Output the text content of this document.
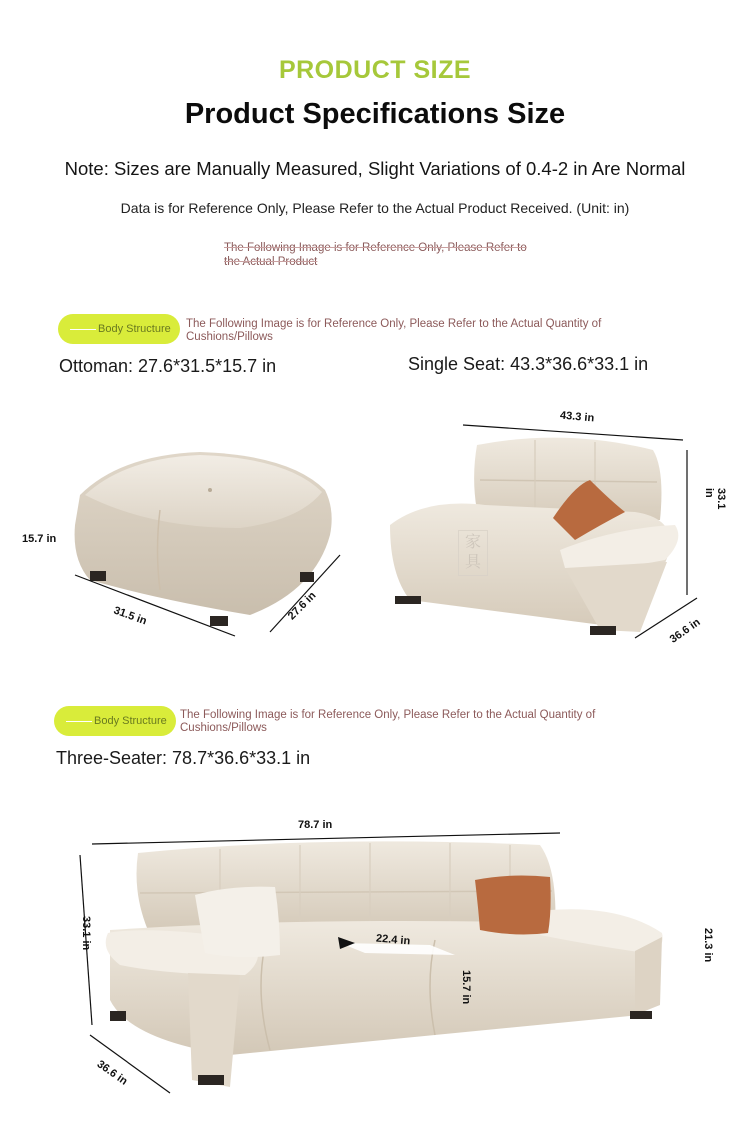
PRODUCT SIZE
Product Specifications Size
Note: Sizes are Manually Measured, Slight Variations of 0.4-2 in Are Normal
Data is for Reference Only, Please Refer to the Actual Product Received. (Unit: in)
The Following Image is for Reference Only, Please Refer to the Actual Product
Body Structure The Following Image is for Reference Only, Please Refer to the Actual Quantity of Cushions/Pillows
Ottoman: 27.6*31.5*15.7 in	Single Seat: 43.3*36.6*33.1 in
15.7 in
31.5 in	27.6 in
43.3 in
33.1 in
36.6 in
家具
Body Structure The Following Image is for Reference Only, Please Refer to the Actual Quantity of Cushions/Pillows
Three-Seater: 78.7*36.6*33.1 in
78.7 in
33.1 in	21.3 in
22.4 in
15.7 in
36.6 in
